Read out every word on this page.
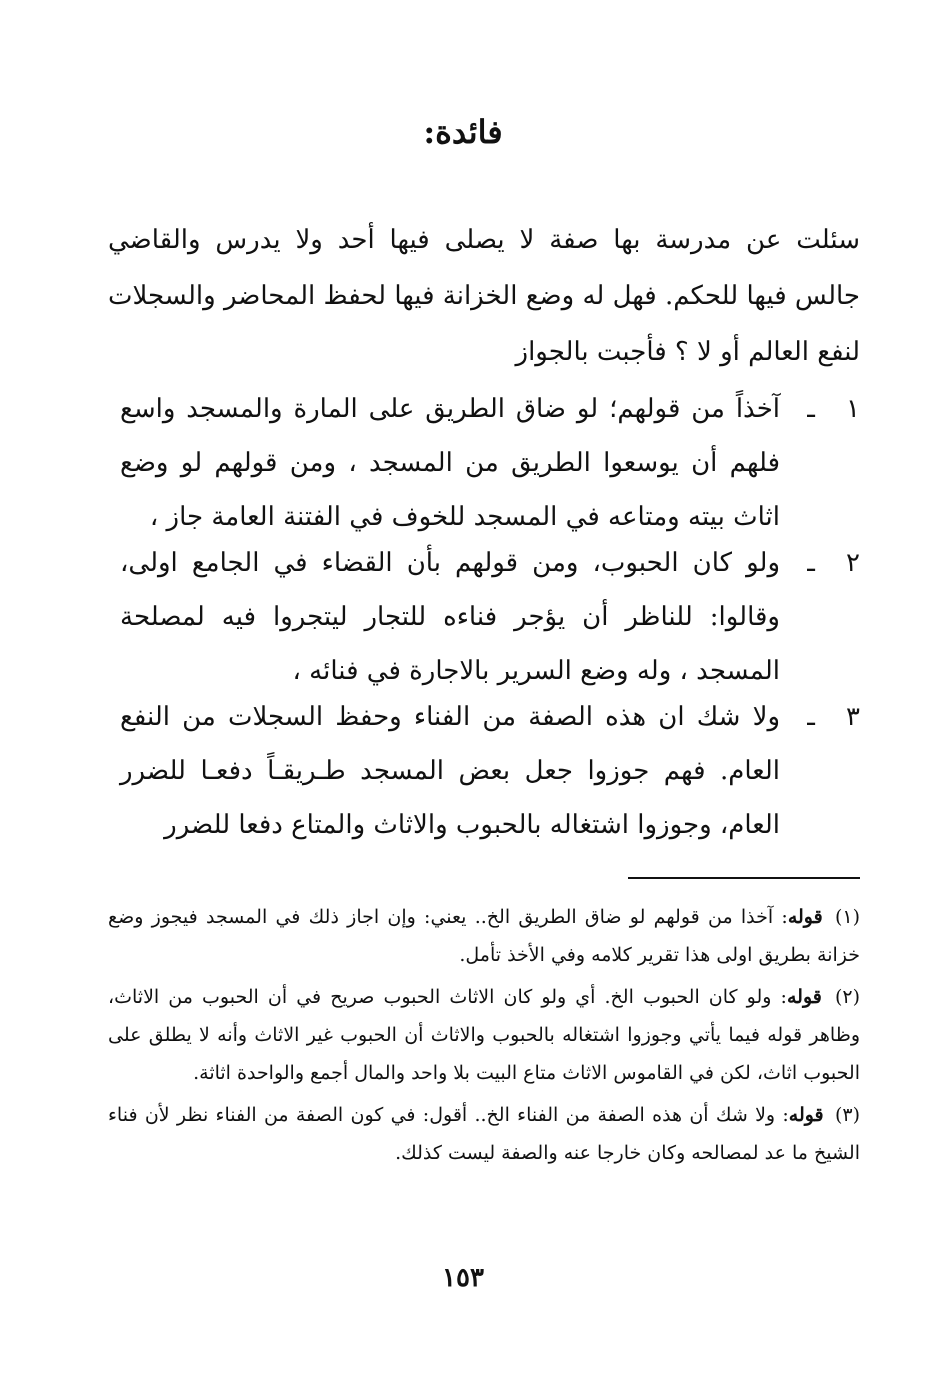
فائدة:

سئلت عن مدرسة بها صفة لا يصلى فيها أحد ولا يدرس والقاضي جالس فيها للحكم. فهل له وضع الخزانة فيها لحفظ المحاضر والسجلات لنفع العالم أو لا ؟ فأجبت بالجواز

١
ـ
آخذاً من قولهم؛ لو ضاق الطريق على المارة والمسجد واسع فلهم أن يوسعوا الطريق من المسجد ، ومن قولهم لو وضع اثاث بيته ومتاعه في المسجد للخوف في الفتنة العامة جاز ،
٢
ـ
ولو كان الحبوب، ومن قولهم بأن القضاء في الجامع اولى، وقالوا: للناظر أن يؤجر فناءه للتجار ليتجروا فيه لمصلحة المسجد ، وله وضع السرير بالاجارة في فنائه ،
٣
ـ
ولا شك ان هذه الصفة من الفناء وحفظ السجلات من النفع العام. فهم جوزوا جعل بعض المسجد طـريقـاً دفعـا للضرر العام، وجوزوا اشتغاله بالحبوب والاثاث والمتاع دفعا للضرر

(١) قوله: آخذا من قولهم لو ضاق الطريق الخ.. يعني: وإن اجاز ذلك في المسجد فيجوز وضع خزانة بطريق اولى هذا تقرير كلامه وفي الأخذ تأمل.

(٢) قوله: ولو كان الحبوب الخ. أي ولو كان الاثاث الحبوب صريح في أن الحبوب من الاثاث، وظاهر قوله فيما يأتي وجوزوا اشتغاله بالحبوب والاثاث أن الحبوب غير الاثاث وأنه لا يطلق على الحبوب اثاث، لكن في القاموس الاثاث متاع البيت بلا واحد والمال أجمع والواحدة اثاثة.

(٣) قوله: ولا شك أن هذه الصفة من الفناء الخ.. أقول: في كون الصفة من الفناء نظر لأن فناء الشيخ ما عد لمصالحه وكان خارجا عنه والصفة ليست كذلك.

١٥٣
